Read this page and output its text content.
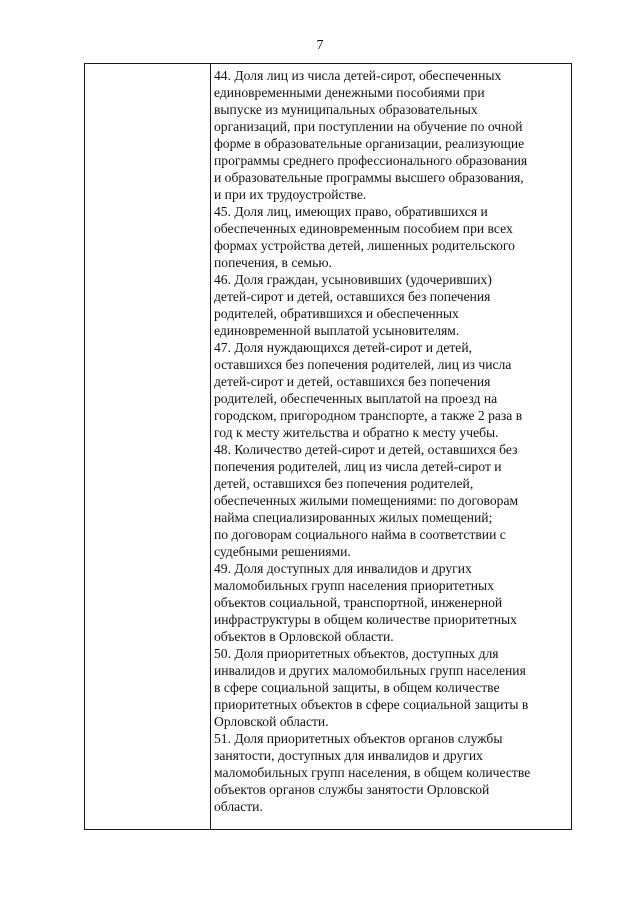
7
44. Доля лиц из числа детей-сирот, обеспеченных
единовременными денежными пособиями при
выпуске из муниципальных образовательных
организаций, при поступлении на обучение по очной
форме в образовательные организации, реализующие
программы среднего профессионального образования
и образовательные программы высшего образования,
и при их трудоустройстве.
45. Доля лиц, имеющих право, обратившихся и
обеспеченных единовременным пособием при всех
формах устройства детей, лишенных родительского
попечения, в семью.
46. Доля граждан, усыновивших (удочеривших)
детей-сирот и детей, оставшихся без попечения
родителей, обратившихся и обеспеченных
единовременной выплатой усыновителям.
47. Доля нуждающихся детей-сирот и детей,
оставшихся без попечения родителей, лиц из числа
детей-сирот и детей, оставшихся без попечения
родителей, обеспеченных выплатой на проезд на
городском, пригородном транспорте, а также 2 раза в
год к месту жительства и обратно к месту учебы.
48. Количество детей-сирот и детей, оставшихся без
попечения родителей, лиц из числа детей-сирот и
детей, оставшихся без попечения родителей,
обеспеченных жилыми помещениями: по договорам
найма специализированных жилых помещений;
по договорам социального найма в соответствии с
судебными решениями.
49. Доля доступных для инвалидов и других
маломобильных групп населения приоритетных
объектов социальной, транспортной, инженерной
инфраструктуры в общем количестве приоритетных
объектов в Орловской области.
50. Доля приоритетных объектов, доступных для
инвалидов и других маломобильных групп населения
в сфере социальной защиты, в общем количестве
приоритетных объектов в сфере социальной защиты в
Орловской области.
51. Доля приоритетных объектов органов службы
занятости, доступных для инвалидов и других
маломобильных групп населения, в общем количестве
объектов органов службы занятости Орловской
области.
